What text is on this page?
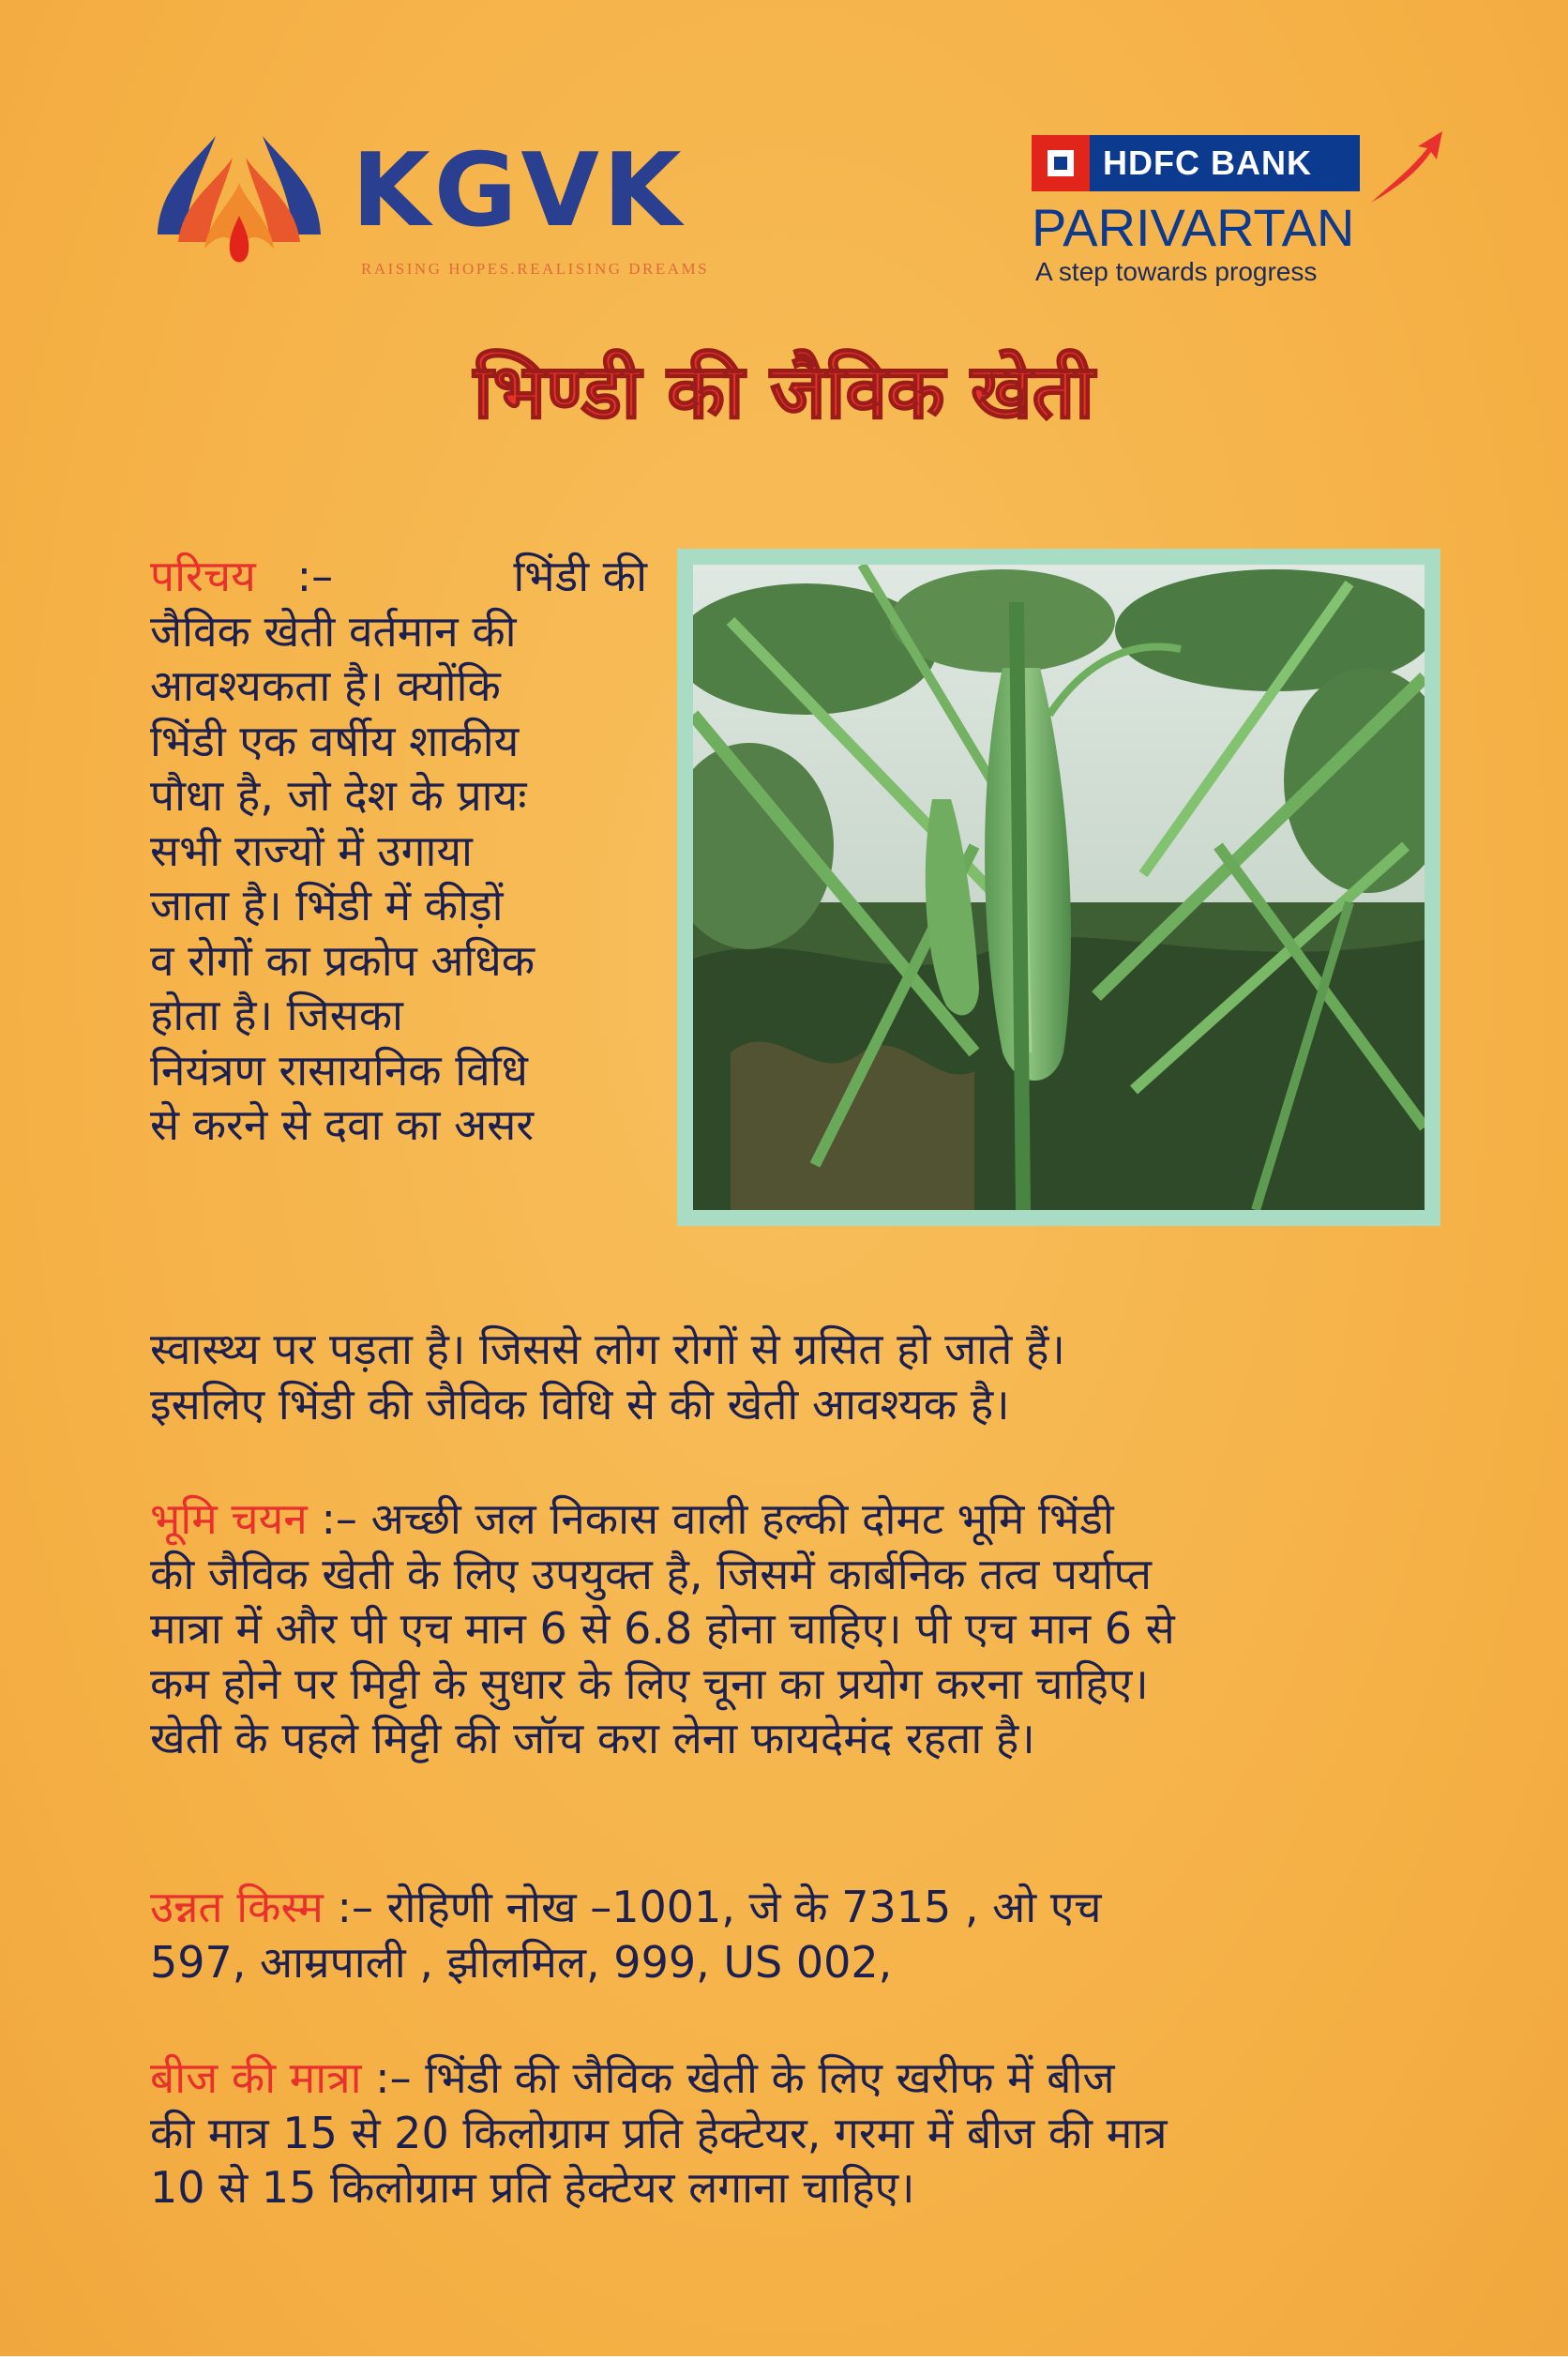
KGVK
RAISING HOPES.REALISING DREAMS
HDFC BANK
PARIVARTAN
A step towards progress
भिण्डी की जैविक खेती
परिचय :–	भिंडी की
जैविक खेती वर्तमान की
आवश्यकता है। क्योंकि
भिंडी एक वर्षीय शाकीय
पौधा है, जो देश के प्रायः
सभी राज्यों में उगाया
जाता है। भिंडी में कीड़ों
व रोगों का प्रकोप अधिक
होता है। जिसका
नियंत्रण रासायनिक विधि
से करने से दवा का असर
स्वास्थ्य पर पड़ता है। जिससे लोग रोगों से ग्रसित हो जाते हैं।
इसलिए भिंडी की जैविक विधि से की खेती आवश्यक है।
भूमि चयन :– अच्छी जल निकास वाली हल्की दोमट भूमि भिंडी
की जैविक खेती के लिए उपयुक्त है, जिसमें कार्बनिक तत्व पर्याप्त
मात्रा में और पी एच मान 6 से 6.8 होना चाहिए। पी एच मान 6 से
कम होने पर मिट्टी के सुधार के लिए चूना का प्रयोग करना चाहिए।
खेती के पहले मिट्टी की जॉच करा लेना फायदेमंद रहता है।
उन्नत किस्म :– रोहिणी नोख –1001, जे के 7315 , ओ एच
597, आम्रपाली , झीलमिल, 999, US 002,
बीज की मात्रा :– भिंडी की जैविक खेती के लिए खरीफ में बीज
की मात्र 15 से 20 किलोग्राम प्रति हेक्टेयर, गरमा में बीज की मात्र
10 से 15 किलोग्राम प्रति हेक्टेयर लगाना चाहिए।
